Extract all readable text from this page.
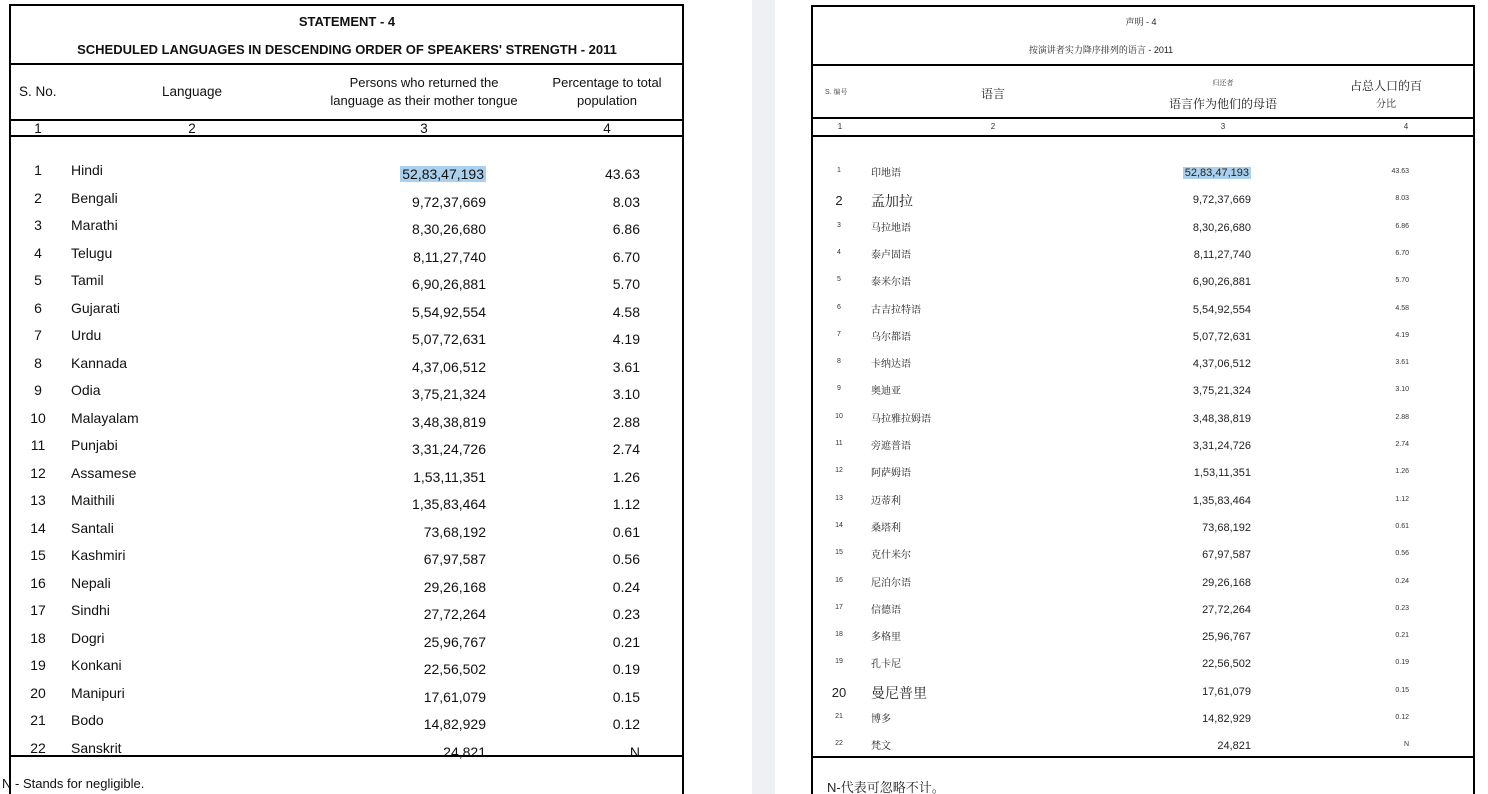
STATEMENT - 4
SCHEDULED LANGUAGES IN DESCENDING ORDER OF SPEAKERS' STRENGTH - 2011
S. No.	Language
Persons who returned the
language as their mother tongue
Percentage to total
population
1	2	3	4
1 Hindi	52,83,47,193	43.63
2 Bengali	9,72,37,669	8.03
3 Marathi	8,30,26,680	6.86
4 Telugu	8,11,27,740	6.70
5 Tamil	6,90,26,881	5.70
6 Gujarati	5,54,92,554	4.58
7 Urdu	5,07,72,631	4.19
8 Kannada	4,37,06,512	3.61
9 Odia	3,75,21,324	3.10
10 Malayalam	3,48,38,819	2.88
11 Punjabi	3,31,24,726	2.74
12 Assamese	1,53,11,351	1.26
13 Maithili	1,35,83,464	1.12
14 Santali	73,68,192	0.61
15 Kashmiri	67,97,587	0.56
16 Nepali	29,26,168	0.24
17 Sindhi	27,72,264	0.23
18 Dogri	25,96,767	0.21
19 Konkani	22,56,502	0.19
20 Manipuri	17,61,079	0.15
21 Bodo	14,82,929	0.12
22 Sanskrit	24,821	N
N - Stands for negligible.
声明 - 4
按演讲者实力降序排列的语言 - 2011
S. 编号	语言
归还者
语言作为他们的母语
占总人口的百
分比
1	2	3	4
1	印地语	52,83,47,193	43.63
2 孟加拉	9,72,37,669	8.03
3	马拉地语	8,30,26,680	6.86
4	泰卢固语	8,11,27,740	6.70
5	泰米尔语	6,90,26,881	5.70
6	古吉拉特语	5,54,92,554	4.58
7	乌尔都语	5,07,72,631	4.19
8	卡纳达语	4,37,06,512	3.61
9	奥迪亚	3,75,21,324	3.10
10	马拉雅拉姆语	3,48,38,819	2.88
11	旁遮普语	3,31,24,726	2.74
12	阿萨姆语	1,53,11,351	1.26
13	迈蒂利	1,35,83,464	1.12
14	桑塔利	73,68,192	0.61
15	克什米尔	67,97,587	0.56
16	尼泊尔语	29,26,168	0.24
17	信德语	27,72,264	0.23
18	多格里	25,96,767	0.21
19	孔卡尼	22,56,502	0.19
20 曼尼普里	17,61,079	0.15
21	博多	14,82,929	0.12
22	梵文	24,821	N
N-代表可忽略不计。
